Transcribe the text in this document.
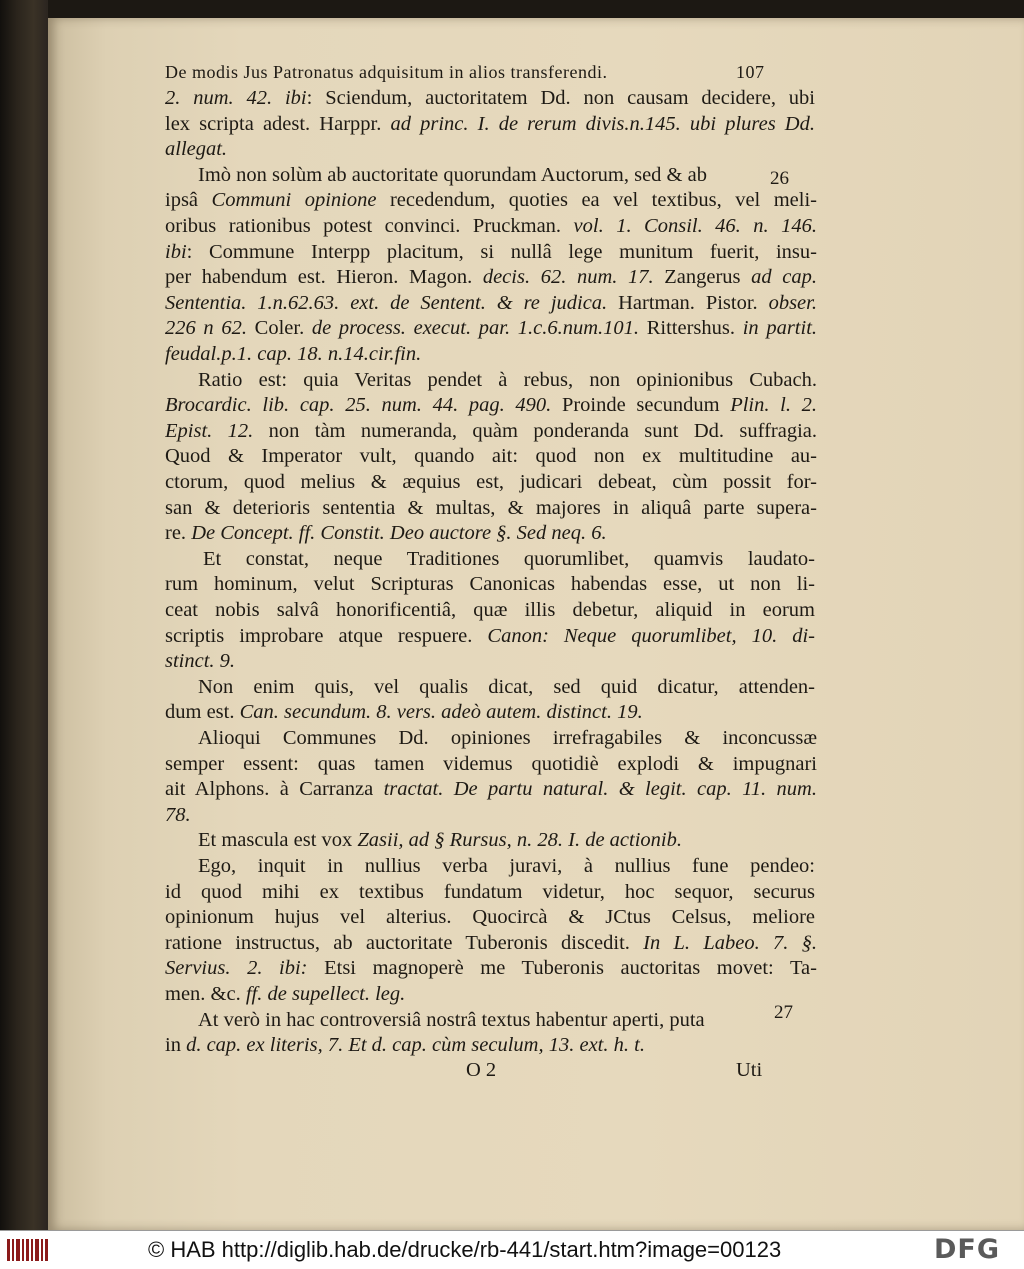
De modis Jus Patronatus adquisitum in alios transferendi.	107
2. num. 42. ibi: Sciendum, auctoritatem Dd. non causam decidere, ubi
lex scripta adest. Harppr. ad princ. I. de rerum divis.n.145. ubi plures Dd.
allegat.
Imò non solùm ab auctoritate quorundam Auctorum, sed & ab
ipsâ Communi opinione recedendum, quoties ea vel textibus, vel meli-
oribus rationibus potest convinci. Pruckman. vol. 1. Consil. 46. n. 146.
ibi: Commune Interpp placitum, si nullâ lege munitum fuerit, insu-
per habendum est. Hieron. Magon. decis. 62. num. 17. Zangerus ad cap.
Sententia. 1.n.62.63. ext. de Sentent. & re judica. Hartman. Pistor. obser.
226 n 62. Coler. de process. execut. par. 1.c.6.num.101. Rittershus. in partit.
feudal.p.1. cap. 18. n.14.cir.fin.
Ratio est: quia Veritas pendet à rebus, non opinionibus Cubach.
Brocardic. lib. cap. 25. num. 44. pag. 490. Proinde secundum Plin. l. 2.
Epist. 12. non tàm numeranda, quàm ponderanda sunt Dd. suffragia.
Quod & Imperator vult, quando ait: quod non ex multitudine au-
ctorum, quod melius & æquius est, judicari debeat, cùm possit for-
san & deterioris sententia & multas, & majores in aliquâ parte supera-
re. De Concept. ff. Constit. Deo auctore §. Sed neq. 6.
Et constat, neque Traditiones quorumlibet, quamvis laudato-
rum hominum, velut Scripturas Canonicas habendas esse, ut non li-
ceat nobis salvâ honorificentiâ, quæ illis debetur, aliquid in eorum
scriptis improbare atque respuere. Canon: Neque quorumlibet, 10. di-
stinct. 9.
Non enim quis, vel qualis dicat, sed quid dicatur, attenden-
dum est. Can. secundum. 8. vers. adeò autem. distinct. 19.
Alioqui Communes Dd. opiniones irrefragabiles & inconcussæ
semper essent: quas tamen videmus quotidiè explodi & impugnari
ait Alphons. à Carranza tractat. De partu natural. & legit. cap. 11. num.
78.
Et mascula est vox Zasii, ad § Rursus, n. 28. I. de actionib.
Ego, inquit in nullius verba juravi, à nullius fune pendeo:
id quod mihi ex textibus fundatum videtur, hoc sequor, securus
opinionum hujus vel alterius. Quocircà & JCtus Celsus, meliore
ratione instructus, ab auctoritate Tuberonis discedit. In L. Labeo. 7. §.
Servius. 2. ibi: Etsi magnoperè me Tuberonis auctoritas movet: Ta-
men. &c. ff. de supellect. leg.
At verò in hac controversiâ nostrâ textus habentur aperti, puta
in d. cap. ex literis, 7. Et d. cap. cùm seculum, 13. ext. h. t.
26
27
O 2	Uti
© HAB http://diglib.hab.de/drucke/rb-441/start.htm?image=00123	DFG
